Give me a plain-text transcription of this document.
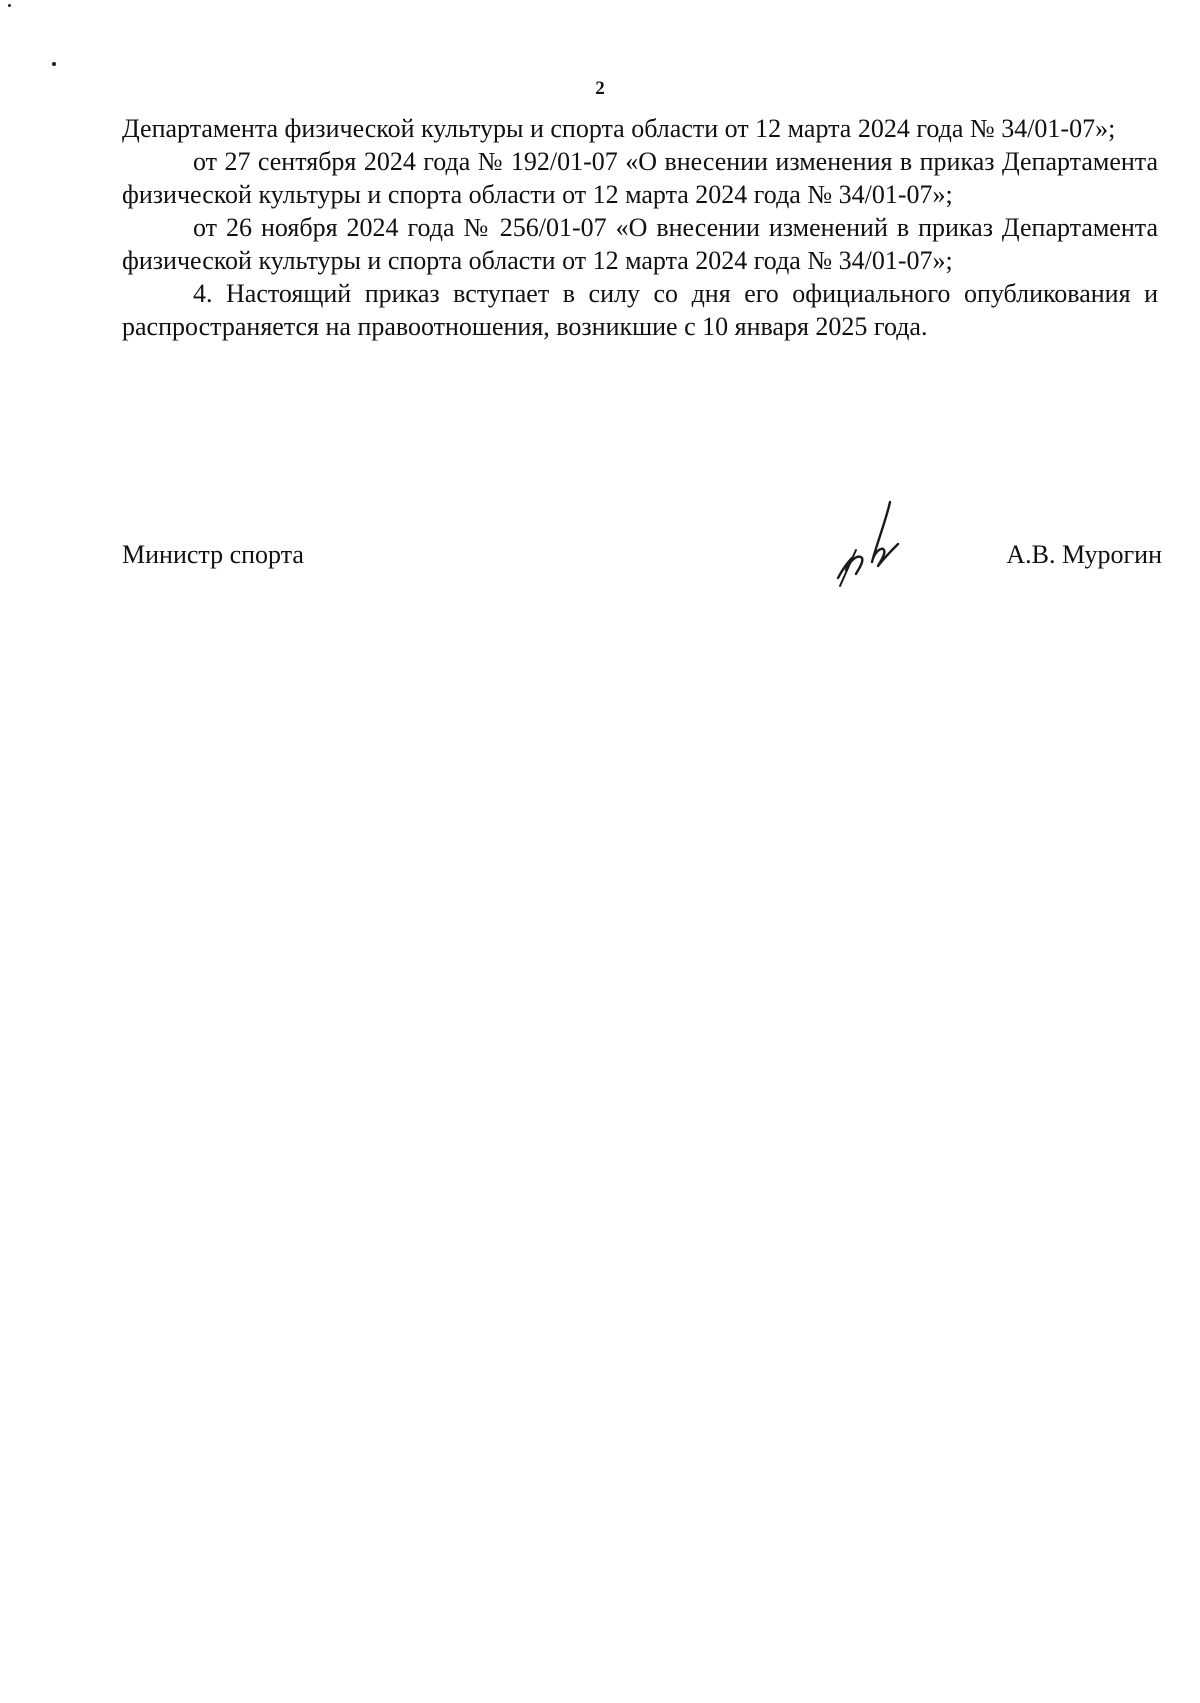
2

Департамента физической культуры и спорта области от 12 марта 2024 года № 34/01-07»;

от 27 сентября 2024 года № 192/01-07 «О внесении изменения в приказ Департамента физической культуры и спорта области от 12 марта 2024 года № 34/01-07»;

от 26 ноября 2024 года № 256/01-07 «О внесении изменений в приказ Департамента физической культуры и спорта области от 12 марта 2024 года № 34/01-07»;

4. Настоящий приказ вступает в силу со дня его официального опубликования и распространяется на правоотношения, возникшие с 10 января 2025 года.

Министр спорта	А.В. Мурогин
